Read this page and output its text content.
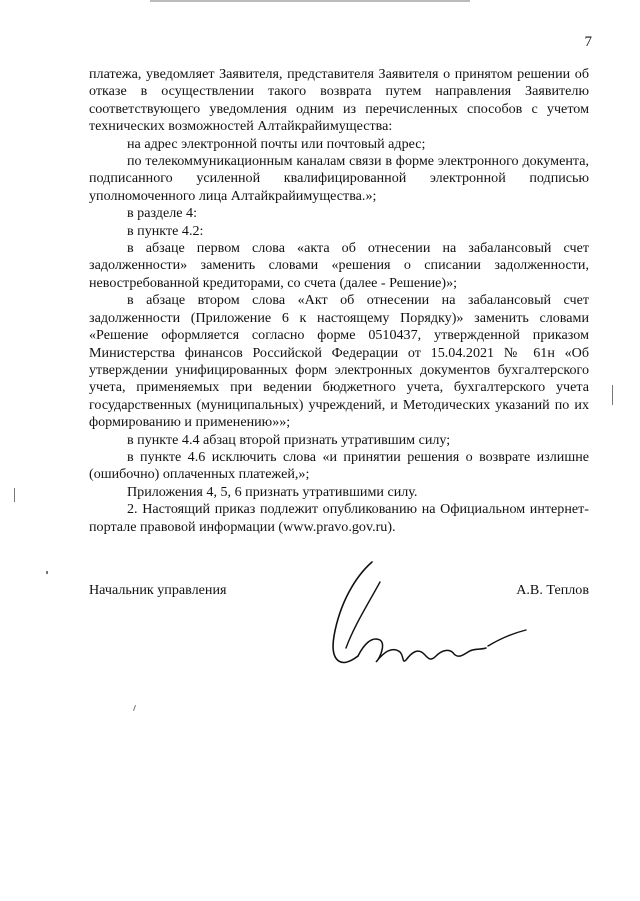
7

платежа, уведомляет Заявителя, представителя Заявителя о принятом решении об отказе в осуществлении такого возврата путем направления Заявителю соответствующего уведомления одним из перечисленных способов с учетом технических возможностей Алтайкрайимущества:

на адрес электронной почты или почтовый адрес;

по телекоммуникационным каналам связи в форме электронного документа, подписанного усиленной квалифицированной электронной подписью уполномоченного лица Алтайкрайимущества.»;

в разделе 4:

в пункте 4.2:

в абзаце первом слова «акта об отнесении на забалансовый счет задолженности» заменить словами «решения о списании задолженности, невостребованной кредиторами, со счета (далее - Решение)»;

в абзаце втором слова «Акт об отнесении на забалансовый счет задолженности (Приложение 6 к настоящему Порядку)» заменить словами «Решение оформляется согласно форме 0510437, утвержденной приказом Министерства финансов Российской Федерации от 15.04.2021 № 61н «Об утверждении унифицированных форм электронных документов бухгалтерского учета, применяемых при ведении бюджетного учета, бухгалтерского учета государственных (муниципальных) учреждений, и Методических указаний по их формированию и применению»»;

в пункте 4.4 абзац второй признать утратившим силу;

в пункте 4.6 исключить слова «и принятии решения о возврате излишне (ошибочно) оплаченных платежей,»;

Приложения 4, 5, 6 признать утратившими силу.

2. Настоящий приказ подлежит опубликованию на Официальном интернет-портале правовой информации (www.pravo.gov.ru).

Начальник управления	А.В. Теплов
